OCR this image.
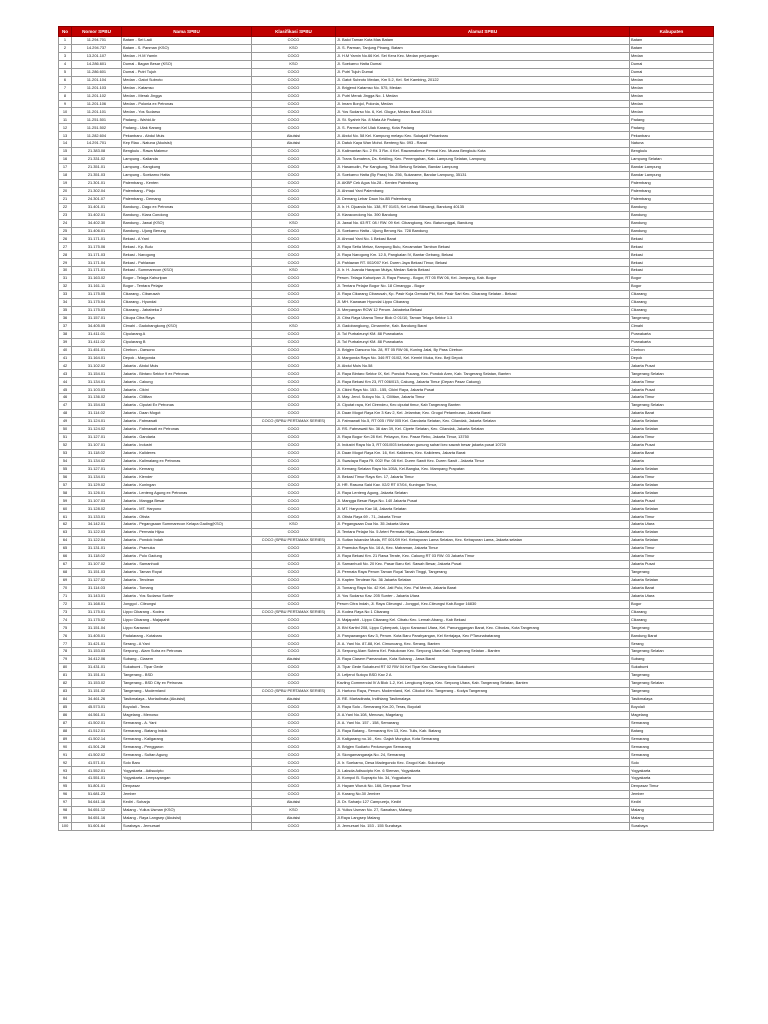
No	Nomor SPBU	Nama SPBU	Klasifikasi SPBU	Alamat SPBU	Kabupaten
1	11.294.701	Batam - Sei Ladi	COCO	Jl. Baloi Taman Kota Mas Batam	Batam
2	14.294.737	Batam - S. Panman (KSO)	KSO	Jl. S. Parman, Tanjung Pinang, Batam	Batam
3	13.201.107	Medan - H.M Yamin	COCO	Jl. H.M Yamin No.66 Kel. Sei Kera Kec. Medan perjuangan	Medan
4	14.286.601	Dumai - Bagan Besar (KSO)	KSO	Jl. Soekarno Hatta Dumai	Dumai
5	11.286.601	Dumai - Putri Tujuh	COCO	Jl. Putri Tujuh Dumai	Dumai
6	11.201.104	Medan - Gatot Subroto	COCO	Jl. Gatot Subroto Medan, Km 5.2, Kel. Sei Kambing, 20122	Medan
7	11.201.103	Medan - Katamso	COCO	Jl. Brigjend Katamso No. 575, Medan	Medan
8	11.201.102	Medan - Merak Jingga	COCO	Jl. Putri Merak Jingga No. 1 Medan	Medan
9	11.201.106	Medan - Polonia ex Petronas	COCO	Jl. Imam Bonjol, Polonia, Medan	Medan
10	11.201.101	Medan - Yos Sudarso	COCO	Jl. Yos Sudarso No. 6, Kel. Glugur, Medan Barat 20114	Medan
11	11.251.501	Padang - Wahid Ar	COCO	Jl. St. Syahrir No. 8 Mata Air Padang	Padang
12	11.251.502	Padang - Ulak Karang	COCO	Jl. S. Parman Kel Ulak Karang, Kota Padang	Padang
13	11.282.604	Pekanbaru - Abdul Muis	Akuisisi	Jl. Abdul No. 58 Kel. Kampung melayu Kec. Sukajadi Pekanbaru	Pekanbaru
14	14.291.701	Kep Riau - Natuna (Akuisisi)	Akuisisi	Jl. Datuk Kaya Wan Mohd. Benteng No. 093 - Ranai	Natuna
15	21.383.08	Bengkulu - Rawa Makmur	COCO	Jl. Kalimantan No. 2 Rt. 3 Rw. 4 Kel. Rawamakmur Permai Kec. Muara Bengkulu Kota	Bengkulu
16	21.331.02	Lampung - Kalianda	COCO	Jl. Trans Sumatera, Ds. Kekiling, Kec. Penengahan, Kab. Lampung Selatan, Lampung	Lampung Selatan
17	21.351.01	Lampung - Kangkung	COCO	Jl. Hasanudin, Psr Kangkung, Teluk Betung Selatan, Bandar Lampung	Bandar Lampung
18	21.351.03	Lampung - Soekarno Hatta	COCO	Jl. Soekarno Hatta (By Pass) No. 256, Sukarame, Bandar Lampung, 35131	Bandar Lampung
19	21.301.01	Palembang - Kenten	COCO	Jl. AKBP Cek Agus No.28 - Kenten Palembang	Palembang
20	21.302.04	Palembang - Plaju	COCO	Jl. Ahmad Yani Palembang	Palembang
21	24.301.07	Palembang - Demang	COCO	Jl. Demang Lebar Daun No.8B Palembang	Palembang
22	31.401.01	Bandung - Dago ex Petronas	COCO	Jl. Ir. H. Djuanda No. 138, RT 01/03, Kel Lebak Siliwangi, Bandung 40135	Bandung
23	31.402.01	Bandung - Kiara Condong	COCO	Jl. Kiaracondong No. 390 Bandung	Bandung
24	34.402.30	Bandung - Jawal (KSO)	KSO	Jl. Jawal No. 63 RT. 08 / RW. 09 Kel. Cibangkong, Kec. Batununggal, Bandung	Bandung
25	31.406.01	Bandung - Ujung Berung	COCO	Jl. Soekarno Hatta - Ujung Berung No. 728 Bandung	Bandung
26	31.171.01	Bekasi - A Yani	COCO	Jl. Ahmad Yani No. 1 Bekasi Barat	Bekasi
27	31.175.06	Bekasi - Kp. Bulu	COCO	Jl. Raya Setia Mekar, Kampung Bulu, Kecamatan Tambun Bekasi	Bekasi
28	31.171.03	Bekasi - Narogong	COCO	Jl. Raya Narogong Km. 12.5, Pangkalan IV, Bantar Gebang, Bekasi	Bekasi
29	31.171.04	Bekasi - Pahlawan	COCO	Jl. Pahlawan RT. 002/007 Kel. Duren Jaya Bekasi Timur, Bekasi	Bekasi
30	31.171.01	Bekasi - Summarecon (KSO)	KSO	Jl. Ir. H. Juanda Harapan Mulya, Medan Satria Bekasi	Bekasi
31	31.163.02	Bogor - Telaga Kahuripan	COCO	Perum. Telaga Kahuripan Jl. Raya Parung - Bogor, RT 05 RW 06, Kel. Jampang, Kab. Bogor	Bogor
32	31.161.11	Bogor - Tentara Pelajar	COCO	Jl. Tentara Pelajar Bogor No. 18 Cimanggu - Bogor	Bogor
33	31.175.05	Cikarang - Cibarusah	COCO	Jl. Raya Cikarang Cibarusah, Kp. Pasir Koja Gemala Pkt, Kel. Pasir Sari Kec. Cikarang Selatan - Bekasi	Cikarang
34	31.175.04	Cikarang - Hyundai	COCO	Jl. MH. Kawasan Hyundai Lippo Cikarang	Cikarang
35	31.175.03	Cikarang - Jababeka 2	COCO	Jl. Merpangan ROW 12 Perum. Jababeka Bekasi	Cikarang
36	31.157.01	Cikupa Citra Raya	COCO	Jl. Citra Raya Utama Timur Blok O 01/10, Taman Telaga Sektor 1.3	Tangerang
37	34.405.05	Cimahi - Gadobangkong (KSO)	KSO	Jl. Gadobangkong, Cimanmhe, Kab. Bandung Barat	Cimahi
38	31.411.01	Cipularang A	COCO	Jl. Tol Purbaleunyi KM. 88 Purwakarta	Purwakarta
39	31.411.02	Cipularang B	COCO	Jl. Tol Purbaleunyi KM. 88 Purwakarta	Purwakarta
40	31.451.01	Cirebon - Darsono	COCO	Jl. Brigjen Darsono No. 28, RT 05 RW 06, Kuning Jalal, By Pass Cirebon	Cirebon
41	31.164.01	Depok - Margonda	COCO	Jl. Margonda Raya No. 346 RT 01/02, Kel. Kemiri Muka, Kec. Beji Depok	Depok
42	31.102.02	Jakarta - Abdul Muis	COCO	Jl. Abdul Muis No.58	Jakarta Pusat
43	31.154.01	Jakarta - Bintaro Sektor 9 ex Petronas	COCO	Jl. Raya Bintaro Sektor IX, Kel. Pondok Pucang, Kec. Pondok Aren, Kab. Tangerang Selatan, Banten	Tangerang Selatan
44	31.134.01	Jakarta - Cakung	COCO	Jl. Raya Bekasi Km 23, RT 006/013, Cakung, Jakarta Timur (Depan Pasar Cakung)	Jakarta Timur
45	31.103.03	Jakarta - Cikini	COCO	Jl. Cikini Raya No. 153 - 155, Cikini Raya, Jakarta Pusat	Jakarta Pusat
46	31.136.02	Jakarta - Cililitan	COCO	Jl. May. Jend. Sutoyo No. 1, Cililitan, Jakarta Timur	Jakarta Timur
47	31.154.03	Jakarta - Ciputat Ex Petronas	COCO	Jl. Ciputat raya, Kel Cirendeu, Kec ciputat timur, Kab Tangerang Banten	Tangerang Selatan
48	31.114.02	Jakarta - Daan Mogot	COCO	Jl. Daan Mogot Raya Km 3 Kav 2, Kel. Jelambar, Kec. Grogol Petamburan, Jakarta Barat	Jakarta Barat
49	31.124.01	Jakarta - Fatmawati	COCO (SPBU PERTAMAX SERIES)	Jl. Fatmawati No.5, RT 005 / RW 005 Kel. Gandaria Selatan, Kec. Cilandak, Jakarta Selatan	Jakarta Selatan
50	31.124.02	Jakarta - Fatmawati ex Petronas	COCO	Jl. RS. Fatmawati No. 36 dan 39, Kel. Cipete Selatan, Kec. Cilandak, Jakarta Selatan	Jakarta Selatan
51	31.127.01	Jakarta - Gandaria	COCO	Jl. Raya Bogor Km 28 Kel. Pekayon, Kec. Pasar Rebo, Jakarta Timur, 13750	Jakarta Timur
52	31.107.01	Jakarta - Industri	COCO	Jl. Industri Raya No 3, RT 001/003 kelurahan gunung sahari kec sawah besar jakarta pusat 10720	Jakarta Pusat
53	31.118.02	Jakarta - Kalideres	COCO	Jl. Daan Mogot Raya Km. 16, Kel. Kalideres, Kec. Kalideres, Jakarta Barat	Jakarta Barat
54	31.134.02	Jakarta - Kalimalang ex Petronas	COCO	Jl. Swadaya Raya Rt. 002/ Rw. 08 Kel. Duren Sawit Kec. Duren Sawit - Jakarta Timur	Jakarta
55	31.127.01	Jakarta - Kemang	COCO	Jl. Kemang Selatan Raya No.105A, Kel.Bangka, Kec. Mampang Prapatan	Jakarta Selatan
56	31.134.01	Jakarta - Klender	COCO	Jl. Bekasi Timur Raya Km. 17, Jakarta Timur	Jakarta Timur
57	31.129.02	Jakarta - Kuningan	COCO	Jl. HR. Rasuna Said Kav. X2/2 RT 07/04, Kuningan Timur,	Jakarta Selatan
58	31.126.01	Jakarta - Lenteng Agung ex Petronas	COCO	Jl. Raya Lenteng Agung, Jakarta Selatan	Jakarta Selatan
59	31.107.03	Jakarta - Mangga Besar	COCO	Jl. Mangga Besar Raya No. 140 Jakarta Pusat	Jakarta Pusat
60	31.128.02	Jakarta - MT. Haryono	COCO	Jl. MT. Haryono Kav 18, Jakarta Selatan	Jakarta Selatan
61	31.133.01	Jakarta - Otista	COCO	Jl. Otista Raya 69 - 71, Jakarta Timur	Jakarta Timur
62	34.142.01	Jakarta - Pegangsaan Summarecon Kelapa Gading(KSO)	KSO	Jl. Pegangsaan Dua No. 35 Jakarta Utara	Jakarta Utara
63	31.122.03	Jakarta - Permata Hijau	COCO	Jl. Tentara Pelajar No. 5 Arteri Permata Hijau, Jakarta Selatan	Jakarta Selatan
64	31.122.04	Jakarta - Pondok Indah	COCO (SPBU PERTAMAX SERIES)	Jl. Sultan Iskandar Muda, RT 001/09 Kel. Kebayoran Lama Selatan, Kec. Kebayoran Lama, Jakarta selatan	Jakarta Selatan
65	31.131.01	Jakarta - Pramuka	COCO	Jl. Pramuka Raya No. 16 A, Kec. Matraman, Jakarta Timur	Jakarta Timur
66	31.118.02	Jakarta - Pulo Gadung	COCO	Jl. Raya Bekasi Km. 21 Rawa Terate, Kec. Cakung RT 03 RW. 03 Jakarta Timur	Jakarta Timur
67	31.107.02	Jakarta - Samanhudi	COCO	Jl. Samanhudi No. 20 Kec. Pasar Baru Kel. Sawah Besar, Jakarta Pusat	Jakarta Pusat
68	31.151.03	Jakarta - Taman Royal	COCO	Jl. Permata Raya Perum Taman Royal Tanah Tinggi, Tangerang	Tangerang
69	31.127.02	Jakarta - Tendean	COCO	Jl. Kapten Tendean No. 36 Jakarta Selatan	Jakarta Selatan
70	31.114.03	Jakarta - Tomang	COCO	Jl. Tomang Raya No. 42 Kel. Jati Pulo, Kec. Pal Merah, Jakarta Barat	Jakarta Barat
71	31.143.01	Jakarta - Yos Sudarso Sunter	COCO	Jl. Yos Sudarso Kav. 205 Sunter - Jakarta Utara	Jakarta Utara
72	31.168.01	Jonggol - Cileungsi	COCO	Perum Citra Indah, Jl. Raya Cileungsi - Jonggol, Kec.Cileungsi Kab.Bogor 16830	Bogor
73	31.175.01	Lippo Cikarang - Kodea	COCO (SPBU PERTAMAX SERIES)	Jl. Kodea Raya No 1 Cikarang	Cikarang
74	31.175.02	Lippo Cikarang - Majapahit	COCO	Jl. Majapahit - Lippo Cikarang Kel. Cibatu Kec. Lemah Abang - Kab Bekasi	Cikarang
75	31.151.04	Lippo Karawaci	COCO	Jl. Bhl Kartini 208, Lippo Cyberpark, Lippo Karawaci Utara, Kel. Panunggangan Barat, Kec. Cibodas, Kota Tangerang	Tangerang
76	31.405.01	Padalarang - Kotabaru	COCO	Jl. Panyawangan Kav 3, Perum. Kota Baru Parahyangan, Kel Kertajaya, Kec PTarunabatarang	Bandung Barat
77	31.421.01	Serang - A Yani	COCO	Jl. A. Yani No. 87-88, Kel. Cimuncang, Kec. Serang, Banten	Serang
78	31.153.03	Serpong - Alam Sutra ex Petronas	COCO	Jl. Serpong Alam Sutera Kel. Pakulonan Kec. Serpong Utara Kab. Tangerang Selatan - Banten	Tangerang Selatan
79	34.412.06	Subang - Ciasem	Akuisisi	Jl. Raya Ciasem Pamanukan, Kota Subang - Jawa Barat	Subang
80	31.431.01	Sukabumi - Tipar Gede	COCO	Jl. Tipar Gede Sukabumi RT 02 RW 04 Kel Tipar Kec Citamiang Kota Sukabumi	Sukabumi
81	31.151.01	Tangerang - BSD	COCO	Jl. Letjend Sutoyo BSD Kav 2 A	Tangerang
82	31.153.02	Tangerang - BSD City ex Petronas	COCO	Kavling Commercial IV A Blok 1-2, Kel. Lengkong Karya, Kec. Serpong Utara, Kab. Tangerang Selatan, Banten	Tangerang Selatan
83	31.151.02	Tangerang - Modernland	COCO (SPBU PERTAMAX SERIES)	Jl. Hartono Raya, Perum. Modernland, Kel. Cikokol Kec. Tangerang - Kodya Tangerang	Tangerang
84	34.461.26	Tasikmalaya - Mortadinata (Akuisisi)	Akuisisi	Jl. RE. Martadinata, Indihiang Tasikmalaya	Tasikmalaya
85	45.573.01	Boyolali - Teras	COCO	Jl. Raya Solo - Semarang Km.20, Teras, Boyolali	Boyolali
86	44.561.01	Magelang - Menowo	COCO	Jl. A.Yani No.108, Menowo, Magelang	Magelang
87	41.502.01	Semarang - A. Yani	COCO	Jl. A. Yani No. 157 - 158, Semarang	Semarang
88	41.512.01	Semarang - Batang Induk	COCO	Jl. Raya Batang - Semarang Km 13, Kec. Tulis, Kab. Batang	Batang
89	41.502.14	Semarang - Kaligarang	COCO	Jl. Kaligarang no.16 , Kec. Gajah Mungkur, Kota Semarang	Semarang
90	41.501.28	Semarang - Penggaron	COCO	Jl. Brigjen Sudiarto Pedurungan Semarang	Semarang
91	41.502.02	Semarang - Sultan Agung	COCO	Jl. Siongamangaraja No. 24, Semarang	Semarang
92	41.571.01	Solo Baru	COCO	Jl. Ir. Soekarno, Desa Madegondo Kec. Grogol Kab. Sukoharjo	Solo
93	41.552.01	Yogyakarta - Adisucipto	COCO	Jl. Laksda Adisucipto Km. 6 Sleman, Yogyakarta	Yogyakarta
94	41.551.01	Yogyakarta - Lempuyangan	COCO	Jl. Kompol B. Suprapto No. 34, Yogyakarta	Yogyakarta
95	51.801.01	Denpasar	COCO	Jl. Hayam Wuruk No. 166, Denpasar Timur	Denpasar Timur
96	51.681.23	Jember	COCO	Jl. Karang No.30 Jember	Jember
97	54.641.16	Kediri - Soharja	Akuisisi	Jl. Dr. Saharjo 127 Campurejo, Kediri	Kediri
98	54.651.12	Malang - Yulius Usman (KSO)	KSO	Jl. Yulius Usman No. 27, Sawahan, Malang	Malang
99	54.651.16	Malang - Raya Langsep (Akuisisi)	Akuisisi	Jl.Raya Langsep Malang	Malang
100	51.601.64	Surabaya - Jemursari	COCO	Jl. Jemursari No. 153 - 155 Surabaya	Surabaya
